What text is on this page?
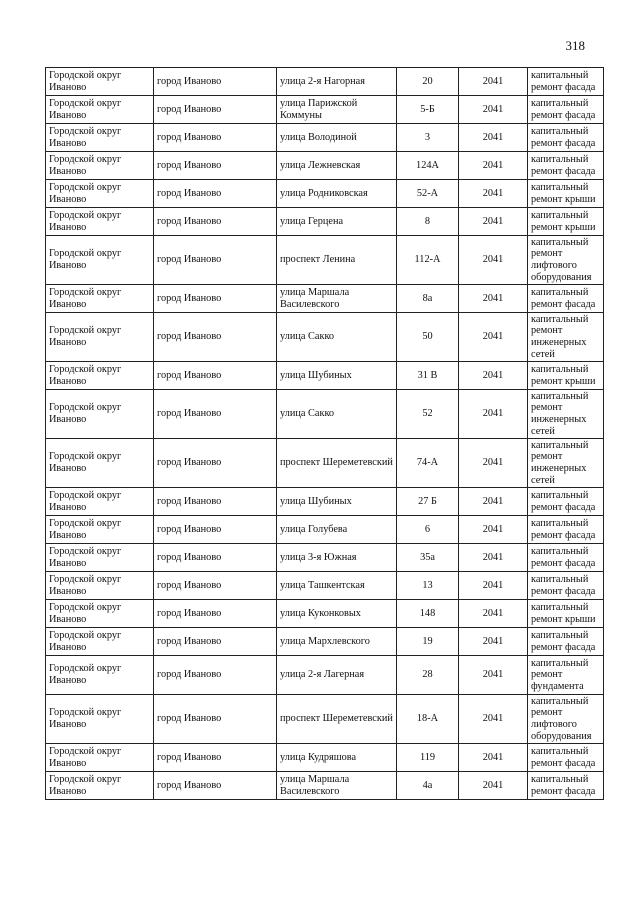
318
Городской округ Иваново	город Иваново	улица 2-я Нагорная	20	2041	капитальный ремонт фасада
Городской округ Иваново	город Иваново	улица Парижской Коммуны	5-Б	2041	капитальный ремонт фасада
Городской округ Иваново	город Иваново	улица Володиной	3	2041	капитальный ремонт фасада
Городской округ Иваново	город Иваново	улица Лежневская	124А	2041	капитальный ремонт фасада
Городской округ Иваново	город Иваново	улица Родниковская	52-А	2041	капитальный ремонт крыши
Городской округ Иваново	город Иваново	улица Герцена	8	2041	капитальный ремонт крыши
Городской округ Иваново	город Иваново	проспект Ленина	112-А	2041	капитальный ремонт лифтового оборудования
Городской округ Иваново	город Иваново	улица Маршала Василевского	8а	2041	капитальный ремонт фасада
Городской округ Иваново	город Иваново	улица Сакко	50	2041	капитальный ремонт инженерных сетей
Городской округ Иваново	город Иваново	улица Шубиных	31 В	2041	капитальный ремонт крыши
Городской округ Иваново	город Иваново	улица Сакко	52	2041	капитальный ремонт инженерных сетей
Городской округ Иваново	город Иваново	проспект Шереметевский	74-А	2041	капитальный ремонт инженерных сетей
Городской округ Иваново	город Иваново	улица Шубиных	27 Б	2041	капитальный ремонт фасада
Городской округ Иваново	город Иваново	улица Голубева	6	2041	капитальный ремонт фасада
Городской округ Иваново	город Иваново	улица 3-я Южная	35а	2041	капитальный ремонт фасада
Городской округ Иваново	город Иваново	улица Ташкентская	13	2041	капитальный ремонт фасада
Городской округ Иваново	город Иваново	улица Куконковых	148	2041	капитальный ремонт крыши
Городской округ Иваново	город Иваново	улица Мархлевского	19	2041	капитальный ремонт фасада
Городской округ Иваново	город Иваново	улица 2-я Лагерная	28	2041	капитальный ремонт фундамента
Городской округ Иваново	город Иваново	проспект Шереметевский	18-А	2041	капитальный ремонт лифтового оборудования
Городской округ Иваново	город Иваново	улица Кудряшова	119	2041	капитальный ремонт фасада
Городской округ Иваново	город Иваново	улица Маршала Василевского	4а	2041	капитальный ремонт фасада
